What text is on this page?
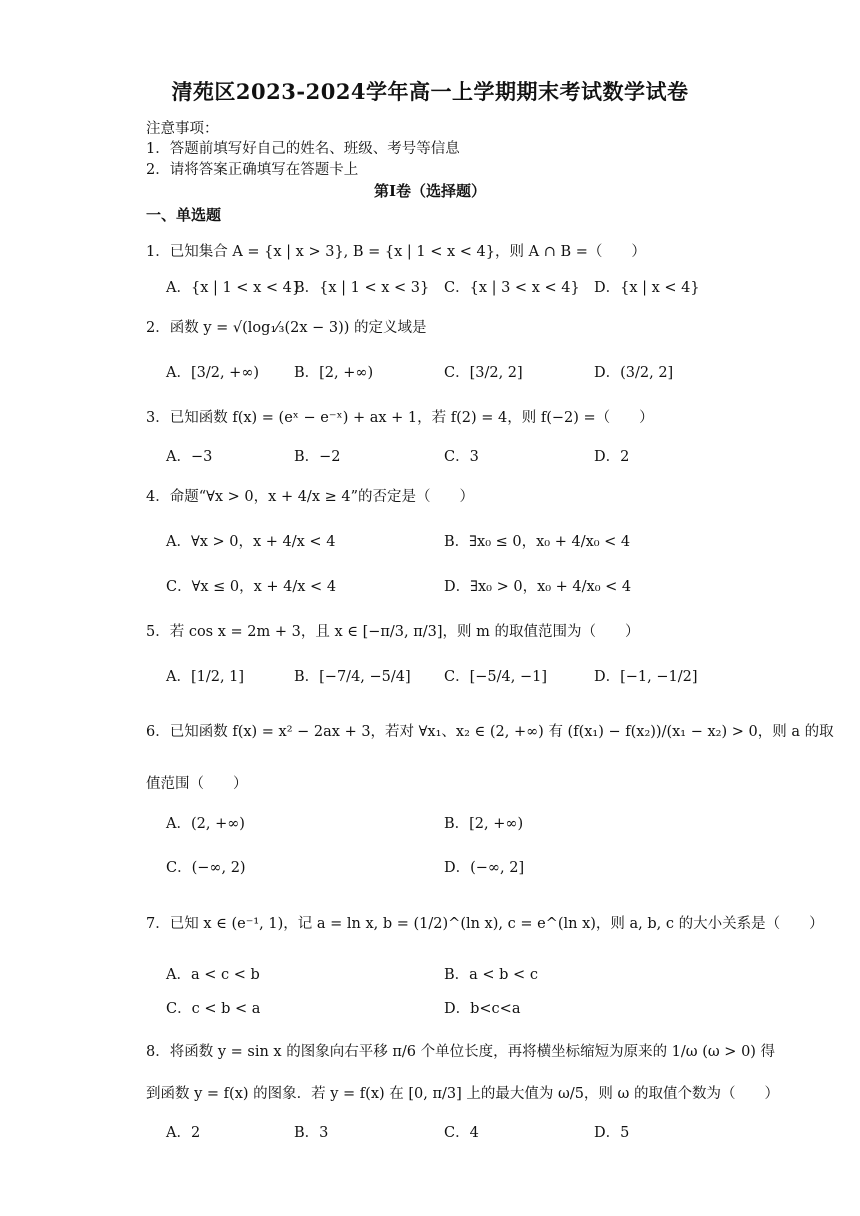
清苑区2023-2024学年高一上学期期末考试数学试卷
注意事项：
1．答题前填写好自己的姓名、班级、考号等信息
2．请将答案正确填写在答题卡上
第I卷（选择题）
一、单选题
1．已知集合 A = {x | x > 3}, B = {x | 1 < x < 4}，则 A ∩ B =（　　）
A．{x | 1 < x < 4}
B．{x | 1 < x < 3} C．{x | 3 < x < 4} D．{x | x < 4}
2．函数 y = √(log₁⁄₃(2x − 3)) 的定义域是
A．[3/2, +∞) B．[2, +∞)	C．[3/2, 2]	D．(3/2, 2]
3．已知函数 f(x) = (eˣ − e⁻ˣ) + ax + 1，若 f(2) = 4，则 f(−2) =（　　）
A．−3	B．−2	C．3	D．2
4．命题“∀x > 0，x + 4/x ≥ 4”的否定是（　　）
A．∀x > 0，x + 4/x < 4	B．∃x₀ ≤ 0，x₀ + 4/x₀ < 4
C．∀x ≤ 0，x + 4/x < 4	D．∃x₀ > 0，x₀ + 4/x₀ < 4
5．若 cos x = 2m + 3，且 x ∈ [−π/3, π/3]，则 m 的取值范围为（　　）
A．[1/2, 1]	B．[−7/4, −5/4] C．[−5/4, −1]	D．[−1, −1/2]
6．已知函数 f(x) = x² − 2ax + 3，若对 ∀x₁、x₂ ∈ (2, +∞) 有 (f(x₁) − f(x₂))/(x₁ − x₂) > 0，则 a 的取
值范围（　　）
A．(2, +∞)	B．[2, +∞)
C．(−∞, 2)	D．(−∞, 2]
7．已知 x ∈ (e⁻¹, 1)，记 a = ln x, b = (1/2)^(ln x), c = e^(ln x)，则 a, b, c 的大小关系是（　　）
A．a < c < b	B．a < b < c
C．c < b < a	D．b<c<a
8．将函数 y = sin x 的图象向右平移 π/6 个单位长度，再将横坐标缩短为原来的 1/ω (ω > 0) 得
到函数 y = f(x) 的图象．若 y = f(x) 在 [0, π/3] 上的最大值为 ω/5，则 ω 的取值个数为（　　）
A．2	B．3	C．4	D．5
